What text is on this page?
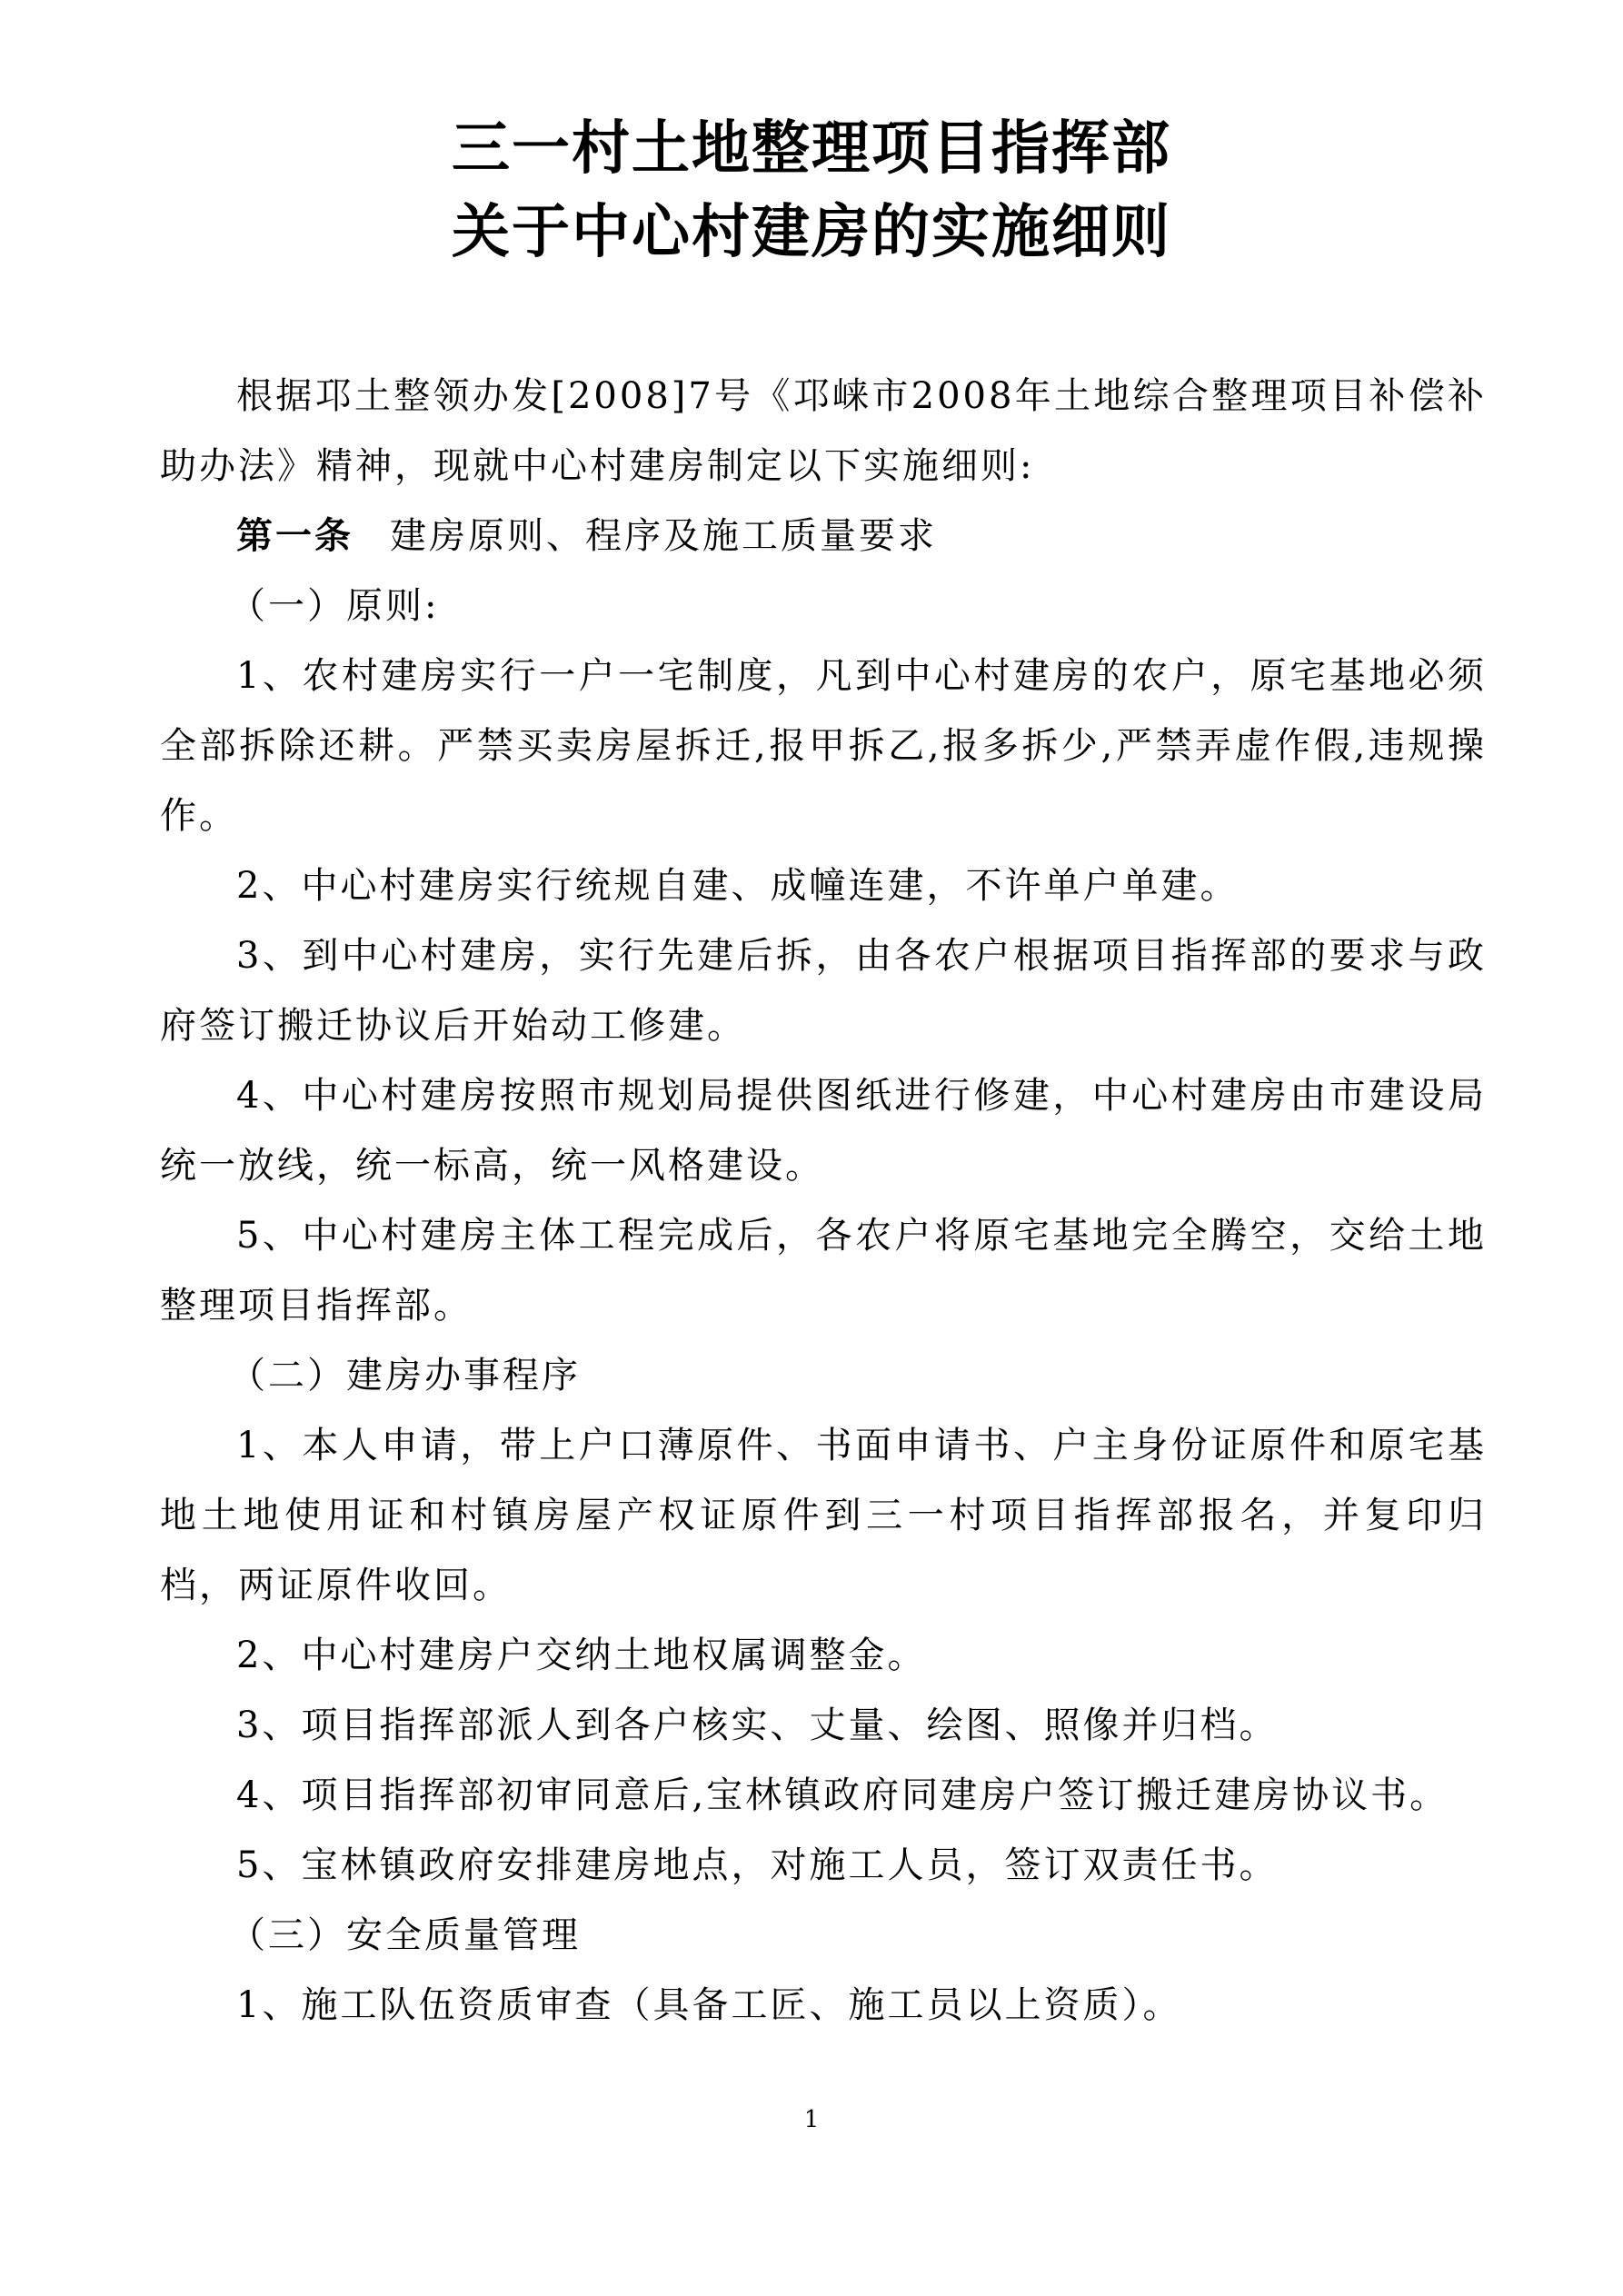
三一村土地整理项目指挥部
关于中心村建房的实施细则

根据邛土整领办发[2008]7号《邛崃市2008年土地综合整理项目补偿补助办法》精神，现就中心村建房制定以下实施细则:

第一条 建房原则、程序及施工质量要求

（一）原则:

1、农村建房实行一户一宅制度，凡到中心村建房的农户，原宅基地必须全部拆除还耕。严禁买卖房屋拆迁,报甲拆乙,报多拆少,严禁弄虚作假,违规操作。

2、中心村建房实行统规自建、成幢连建，不许单户单建。

3、到中心村建房，实行先建后拆，由各农户根据项目指挥部的要求与政府签订搬迁协议后开始动工修建。

4、中心村建房按照市规划局提供图纸进行修建，中心村建房由市建设局统一放线，统一标高，统一风格建设。

5、中心村建房主体工程完成后，各农户将原宅基地完全腾空，交给土地整理项目指挥部。

（二）建房办事程序

1、本人申请，带上户口薄原件、书面申请书、户主身份证原件和原宅基地土地使用证和村镇房屋产权证原件到三一村项目指挥部报名，并复印归档，两证原件收回。

2、中心村建房户交纳土地权属调整金。

3、项目指挥部派人到各户核实、丈量、绘图、照像并归档。

4、项目指挥部初审同意后,宝林镇政府同建房户签订搬迁建房协议书。

5、宝林镇政府安排建房地点，对施工人员，签订双责任书。

（三）安全质量管理

1、施工队伍资质审查（具备工匠、施工员以上资质）。

1
